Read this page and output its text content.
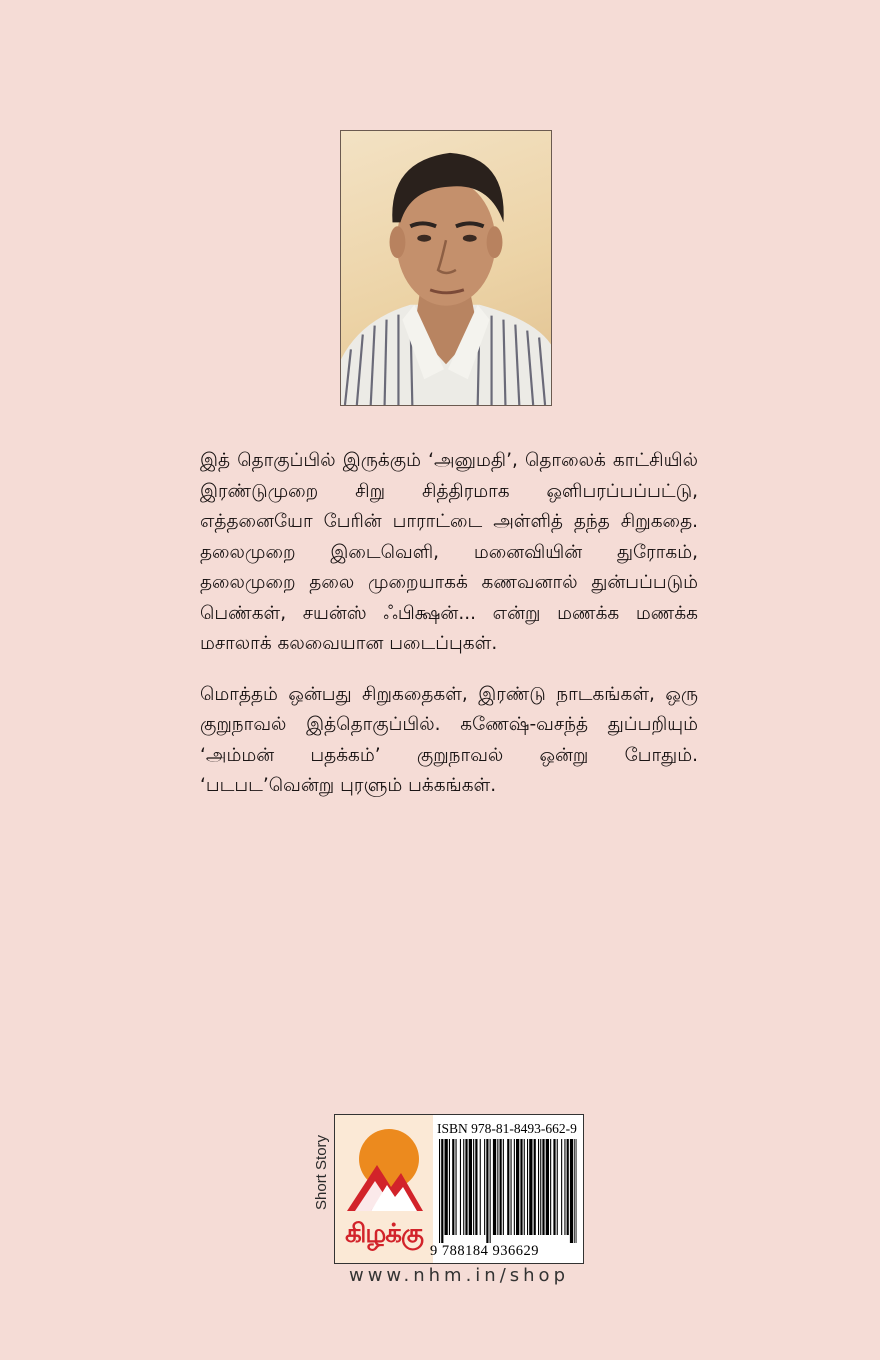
இத் தொகுப்பில் இருக்கும் ‘அனுமதி’, தொலைக் காட்சியில் இரண்டுமுறை சிறு சித்திரமாக ஒளிபரப்பப்பட்டு, எத்தனையோ பேரின் பாராட்டை அள்ளித் தந்த சிறுகதை. தலைமுறை இடைவெளி, மனைவியின் துரோகம், தலைமுறை தலை முறையாகக் கணவனால் துன்பப்படும் பெண்கள், சயன்ஸ் ஃபிக்ஷன்... என்று மணக்க மணக்க மசாலாக் கலவையான படைப்புகள்.

மொத்தம் ஒன்பது சிறுகதைகள், இரண்டு நாடகங்கள், ஒரு குறுநாவல் இத்தொகுப்பில். கணேஷ்-வசந்த் துப்பறியும் ‘அம்மன் பதக்கம்’ குறுநாவல் ஒன்று போதும். ‘படபட’வென்று புரளும் பக்கங்கள்.

Short Story
கிழக்கு
ISBN 978-81-8493-662-9
9 788184 936629
www.nhm.in/shop
